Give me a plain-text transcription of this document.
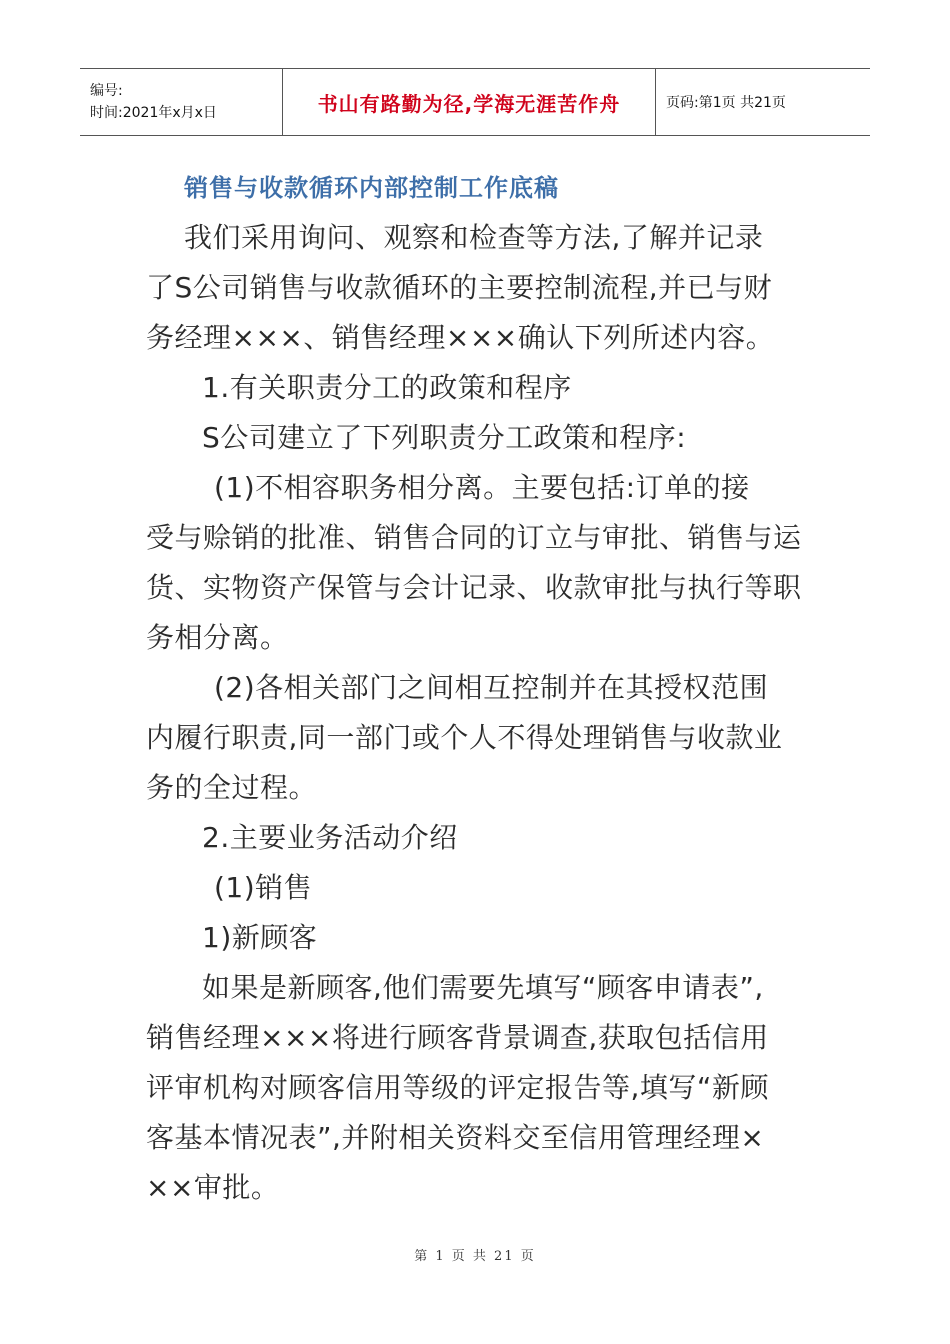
编号:
时间:2021年x月x日	书山有路勤为径,学海无涯苦作舟	页码:第1页 共21页
销售与收款循环内部控制工作底稿
我们采用询问、观察和检查等方法,了解并记录
了S公司销售与收款循环的主要控制流程,并已与财
务经理×××、销售经理×××确认下列所述内容。
1.有关职责分工的政策和程序
S公司建立了下列职责分工政策和程序:
(1)不相容职务相分离。主要包括:订单的接
受与赊销的批准、销售合同的订立与审批、销售与运
货、实物资产保管与会计记录、收款审批与执行等职
务相分离。
(2)各相关部门之间相互控制并在其授权范围
内履行职责,同一部门或个人不得处理销售与收款业
务的全过程。
2.主要业务活动介绍
(1)销售
1)新顾客
如果是新顾客,他们需要先填写“顾客申请表”,
销售经理×××将进行顾客背景调查,获取包括信用
评审机构对顾客信用等级的评定报告等,填写“新顾
客基本情况表”,并附相关资料交至信用管理经理×
××审批。
第 1 页 共 21 页
